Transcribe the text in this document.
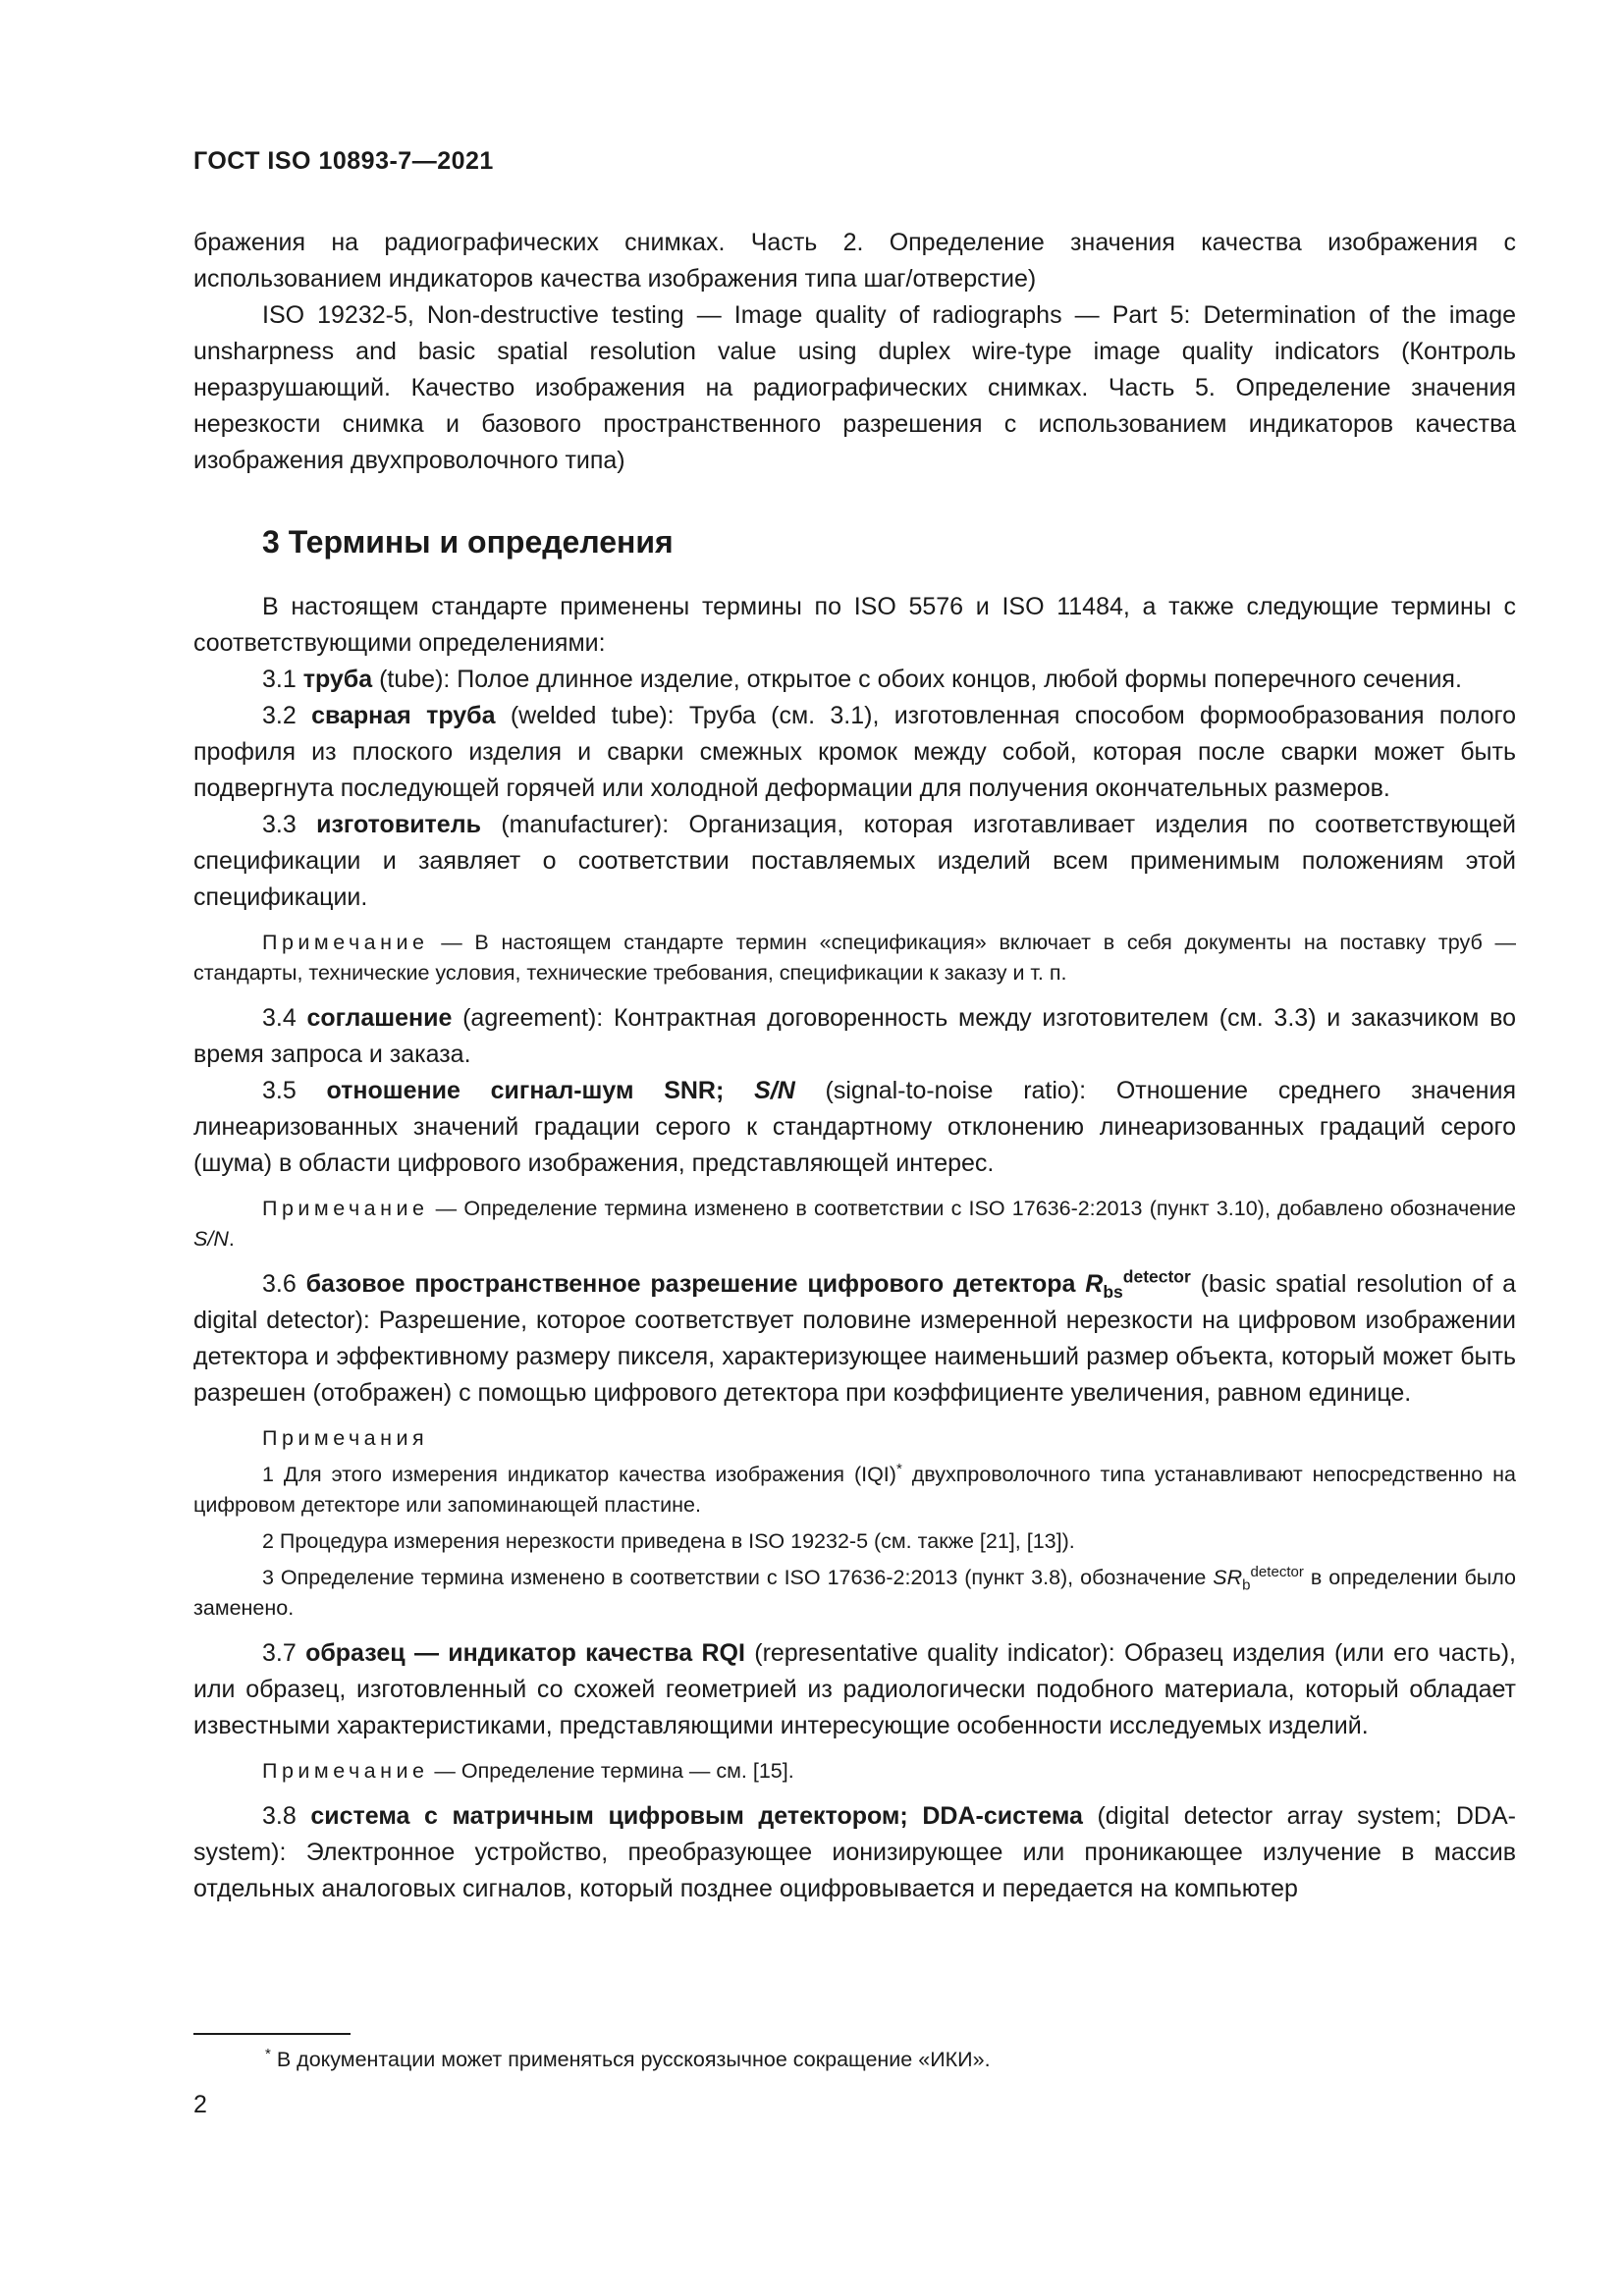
ГОСТ ISO 10893-7—2021

бражения на радиографических снимках. Часть 2. Определение значения качества изображения с использованием индикаторов качества изображения типа шаг/отверстие)

ISO 19232-5, Non-destructive testing — Image quality of radiographs — Part 5: Determination of the image unsharpness and basic spatial resolution value using duplex wire-type image quality indicators (Контроль неразрушающий. Качество изображения на радиографических снимках. Часть 5. Определение значения нерезкости снимка и базового пространственного разрешения с использованием индикаторов качества изображения двухпроволочного типа)

3 Термины и определения

В настоящем стандарте применены термины по ISO 5576 и ISO 11484, а также следующие термины с соответствующими определениями:

3.1 труба (tube): Полое длинное изделие, открытое с обоих концов, любой формы поперечного сечения.

3.2 сварная труба (welded tube): Труба (см. 3.1), изготовленная способом формообразования полого профиля из плоского изделия и сварки смежных кромок между собой, которая после сварки может быть подвергнута последующей горячей или холодной деформации для получения окончательных размеров.

3.3 изготовитель (manufacturer): Организация, которая изготавливает изделия по соответствующей спецификации и заявляет о соответствии поставляемых изделий всем применимым положениям этой спецификации.

Примечание — В настоящем стандарте термин «спецификация» включает в себя документы на поставку труб — стандарты, технические условия, технические требования, спецификации к заказу и т. п.

3.4 соглашение (agreement): Контрактная договоренность между изготовителем (см. 3.3) и заказчиком во время запроса и заказа.

3.5 отношение сигнал-шум SNR; S/N (signal-to-noise ratio): Отношение среднего значения линеаризованных значений градации серого к стандартному отклонению линеаризованных градаций серого (шума) в области цифрового изображения, представляющей интерес.

Примечание — Определение термина изменено в соответствии с ISO 17636-2:2013 (пункт 3.10), добавлено обозначение S/N.

3.6 базовое пространственное разрешение цифрового детектора $R_{bs}^{detector}$ (basic spatial resolution of a digital detector): Разрешение, которое соответствует половине измеренной нерезкости на цифровом изображении детектора и эффективному размеру пикселя, характеризующее наименьший размер объекта, который может быть разрешен (отображен) с помощью цифрового детектора при коэффициенте увеличения, равном единице.

Примечания

1 Для этого измерения индикатор качества изображения (IQI)* двухпроволочного типа устанавливают непосредственно на цифровом детекторе или запоминающей пластине.

2 Процедура измерения нерезкости приведена в ISO 19232-5 (см. также [21], [13]).

3 Определение термина изменено в соответствии с ISO 17636-2:2013 (пункт 3.8), обозначение $SR_b^{detector}$ в определении было заменено.

3.7 образец — индикатор качества RQI (representative quality indicator): Образец изделия (или его часть), или образец, изготовленный со схожей геометрией из радиологически подобного материала, который обладает известными характеристиками, представляющими интересующие особенности исследуемых изделий.

Примечание — Определение термина — см. [15].

3.8 система с матричным цифровым детектором; DDA-система (digital detector array system; DDA-system): Электронное устройство, преобразующее ионизирующее или проникающее излучение в массив отдельных аналоговых сигналов, который позднее оцифровывается и передается на компьютер

* В документации может применяться русскоязычное сокращение «ИКИ».
2
